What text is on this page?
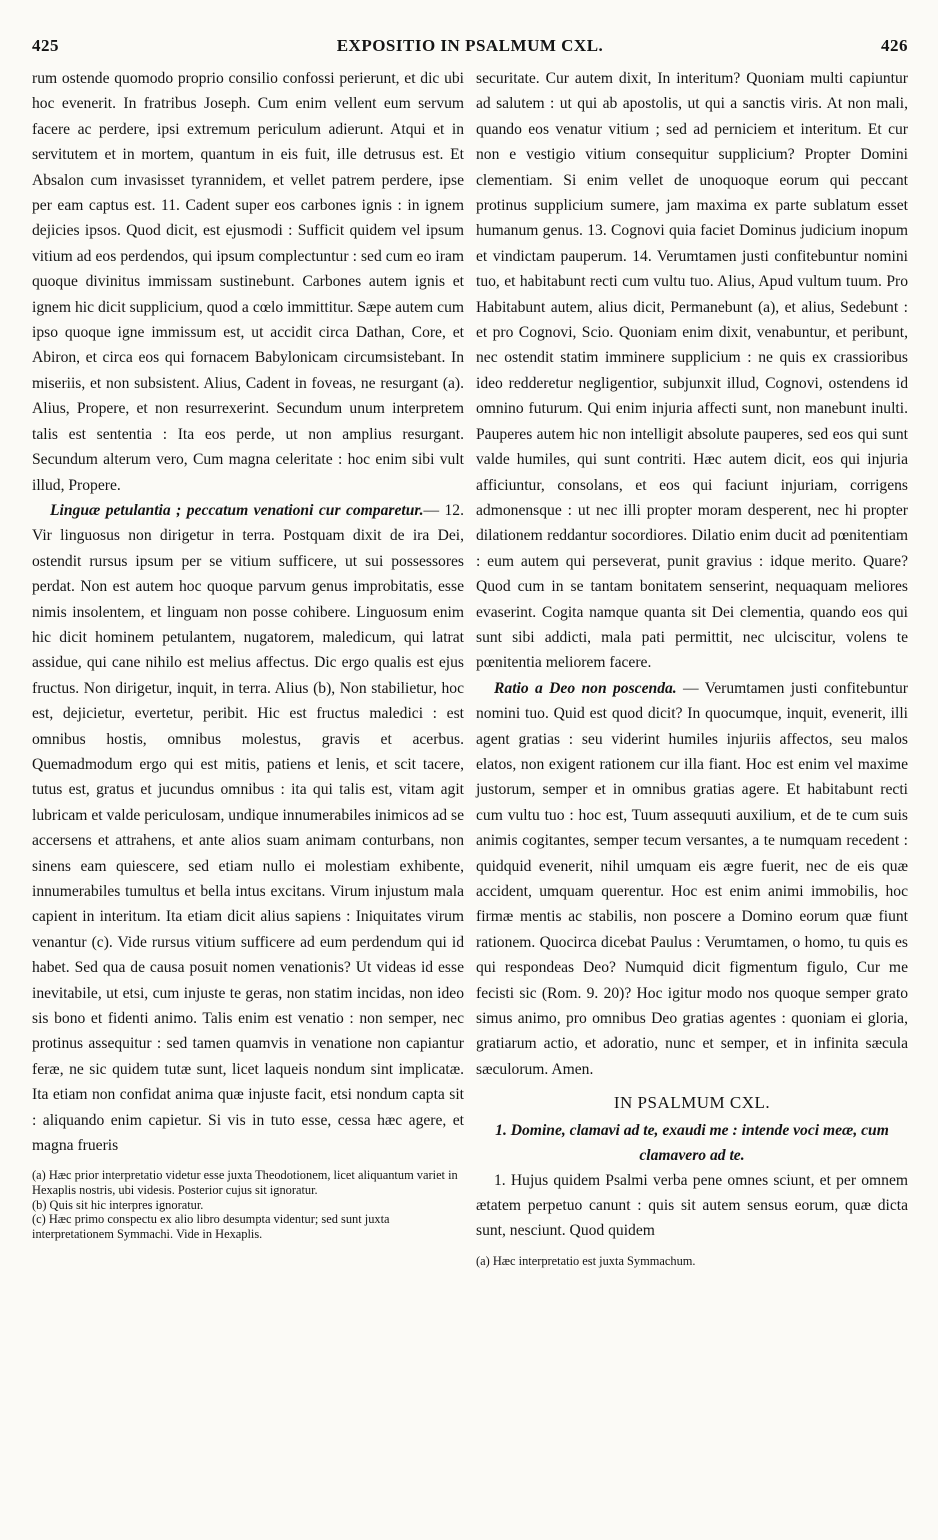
425	EXPOSITIO IN PSALMUM CXL.	426

rum ostende quomodo proprio consilio confossi perierunt, et dic ubi hoc evenerit. In fratribus Joseph. Cum enim vellent eum servum facere ac perdere, ipsi extremum periculum adierunt. Atqui et in servitutem et in mortem, quantum in eis fuit, ille detrusus est. Et Absalon cum invasisset tyrannidem, et vellet patrem perdere, ipse per eam captus est. 11. Cadent super eos carbones ignis : in ignem dejicies ipsos. Quod dicit, est ejusmodi : Sufficit quidem vel ipsum vitium ad eos perdendos, qui ipsum complectuntur : sed cum eo iram quoque divinitus immissam sustinebunt. Carbones autem ignis et ignem hic dicit supplicium, quod a cœlo immittitur. Sæpe autem cum ipso quoque igne immissum est, ut accidit circa Dathan, Core, et Abiron, et circa eos qui fornacem Babylonicam circumsistebant. In miseriis, et non subsistent. Alius, Cadent in foveas, ne resurgant (a). Alius, Propere, et non resurrexerint. Secundum unum interpretem talis est sententia : Ita eos perde, ut non amplius resurgant. Secundum alterum vero, Cum magna celeritate : hoc enim sibi vult illud, Propere.

Linguæ petulantia ; peccatum venationi cur comparetur.— 12. Vir linguosus non dirigetur in terra. Postquam dixit de ira Dei, ostendit rursus ipsum per se vitium sufficere, ut sui possessores perdat. Non est autem hoc quoque parvum genus improbitatis, esse nimis insolentem, et linguam non posse cohibere. Linguosum enim hic dicit hominem petulantem, nugatorem, maledicum, qui latrat assidue, qui cane nihilo est melius affectus. Dic ergo qualis est ejus fructus. Non dirigetur, inquit, in terra. Alius (b), Non stabilietur, hoc est, dejicietur, evertetur, peribit. Hic est fructus maledici : est omnibus hostis, omnibus molestus, gravis et acerbus. Quemadmodum ergo qui est mitis, patiens et lenis, et scit tacere, tutus est, gratus et jucundus omnibus : ita qui talis est, vitam agit lubricam et valde periculosam, undique innumerabiles inimicos ad se accersens et attrahens, et ante alios suam animam conturbans, non sinens eam quiescere, sed etiam nullo ei molestiam exhibente, innumerabiles tumultus et bella intus excitans. Virum injustum mala capient in interitum. Ita etiam dicit alius sapiens : Iniquitates virum venantur (c). Vide rursus vitium sufficere ad eum perdendum qui id habet. Sed qua de causa posuit nomen venationis? Ut videas id esse inevitabile, ut etsi, cum injuste te geras, non statim incidas, non ideo sis bono et fidenti animo. Talis enim est venatio : non semper, nec protinus assequitur : sed tamen quamvis in venatione non capiantur feræ, ne sic quidem tutæ sunt, licet laqueis nondum sint implicatæ. Ita etiam non confidat anima quæ injuste facit, etsi nondum capta sit : aliquando enim capietur. Si vis in tuto esse, cessa hæc agere, et magna frueris

(a) Hæc prior interpretatio videtur esse juxta Theodotionem, licet aliquantum variet in Hexaplis nostris, ubi videsis. Posterior cujus sit ignoratur.
(b) Quis sit hic interpres ignoratur.
(c) Hæc primo conspectu ex alio libro desumpta videntur; sed sunt juxta interpretationem Symmachi. Vide in Hexaplis.

securitate. Cur autem dixit, In interitum? Quoniam multi capiuntur ad salutem : ut qui ab apostolis, ut qui a sanctis viris. At non mali, quando eos venatur vitium ; sed ad perniciem et interitum. Et cur non e vestigio vitium consequitur supplicium? Propter Domini clementiam. Si enim vellet de unoquoque eorum qui peccant protinus supplicium sumere, jam maxima ex parte sublatum esset humanum genus. 13. Cognovi quia faciet Dominus judicium inopum et vindictam pauperum. 14. Verumtamen justi confitebuntur nomini tuo, et habitabunt recti cum vultu tuo. Alius, Apud vultum tuum. Pro Habitabunt autem, alius dicit, Permanebunt (a), et alius, Sedebunt : et pro Cognovi, Scio. Quoniam enim dixit, venabuntur, et peribunt, nec ostendit statim imminere supplicium : ne quis ex crassioribus ideo redderetur negligentior, subjunxit illud, Cognovi, ostendens id omnino futurum. Qui enim injuria affecti sunt, non manebunt inulti. Pauperes autem hic non intelligit absolute pauperes, sed eos qui sunt valde humiles, qui sunt contriti. Hæc autem dicit, eos qui injuria afficiuntur, consolans, et eos qui faciunt injuriam, corrigens admonensque : ut nec illi propter moram desperent, nec hi propter dilationem reddantur socordiores. Dilatio enim ducit ad pœnitentiam : eum autem qui perseverat, punit gravius : idque merito. Quare? Quod cum in se tantam bonitatem senserint, nequaquam meliores evaserint. Cogita namque quanta sit Dei clementia, quando eos qui sunt sibi addicti, mala pati permittit, nec ulciscitur, volens te pœnitentia meliorem facere.

Ratio a Deo non poscenda. — Verumtamen justi confitebuntur nomini tuo. Quid est quod dicit? In quocumque, inquit, evenerit, illi agent gratias : seu viderint humiles injuriis affectos, seu malos elatos, non exigent rationem cur illa fiant. Hoc est enim vel maxime justorum, semper et in omnibus gratias agere. Et habitabunt recti cum vultu tuo : hoc est, Tuum assequuti auxilium, et de te cum suis animis cogitantes, semper tecum versantes, a te numquam recedent : quidquid evenerit, nihil umquam eis ægre fuerit, nec de eis quæ accident, umquam querentur. Hoc est enim animi immobilis, hoc firmæ mentis ac stabilis, non poscere a Domino eorum quæ fiunt rationem. Quocirca dicebat Paulus : Verumtamen, o homo, tu quis es qui respondeas Deo? Numquid dicit figmentum figulo, Cur me fecisti sic (Rom. 9. 20)? Hoc igitur modo nos quoque semper grato simus animo, pro omnibus Deo gratias agentes : quoniam ei gloria, gratiarum actio, et adoratio, nunc et semper, et in infinita sæcula sæculorum. Amen.

IN PSALMUM CXL.
1. Domine, clamavi ad te, exaudi me : intende voci meæ, cum clamavero ad te.

1. Hujus quidem Psalmi verba pene omnes sciunt, et per omnem ætatem perpetuo canunt : quis sit autem sensus eorum, quæ dicta sunt, nesciunt. Quod quidem

(a) Hæc interpretatio est juxta Symmachum.
